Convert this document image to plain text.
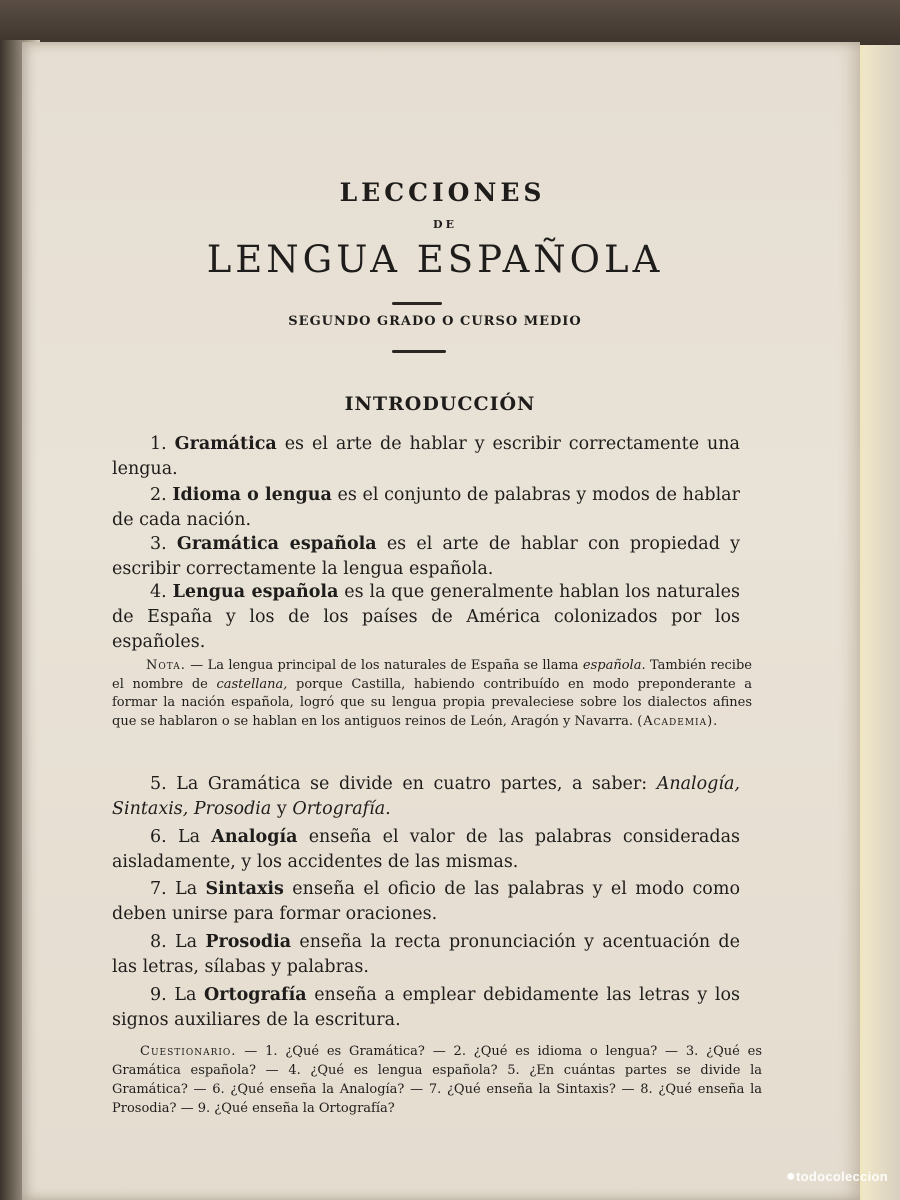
LECCIONES
DE
LENGUA ESPAÑOLA
SEGUNDO GRADO O CURSO MEDIO
INTRODUCCIÓN
1. Gramática es el arte de hablar y escribir correctamente una lengua.
2. Idioma o lengua es el conjunto de palabras y modos de hablar de cada nación.
3. Gramática española es el arte de hablar con propiedad y escribir correctamente la lengua española.
4. Lengua española es la que generalmente hablan los naturales de España y los de los países de América colonizados por los españoles.
Nota. — La lengua principal de los naturales de España se llama española. También recibe el nombre de castellana, porque Castilla, habiendo contribuído en modo preponderante a formar la nación española, logró que su lengua propia prevaleciese sobre los dialectos afines que se hablaron o se hablan en los antiguos reinos de León, Aragón y Navarra. (Academia).
5. La Gramática se divide en cuatro partes, a saber: Analogía, Sintaxis, Prosodia y Ortografía.
6. La Analogía enseña el valor de las palabras consideradas aisladamente, y los accidentes de las mismas.
7. La Sintaxis enseña el oficio de las palabras y el modo como deben unirse para formar oraciones.
8. La Prosodia enseña la recta pronunciación y acentuación de las letras, sílabas y palabras.
9. La Ortografía enseña a emplear debidamente las letras y los signos auxiliares de la escritura.
Cuestionario. — 1. ¿Qué es Gramática? — 2. ¿Qué es idioma o lengua? — 3. ¿Qué es Gramática española? — 4. ¿Qué es lengua española? 5. ¿En cuántas partes se divide la Gramática? — 6. ¿Qué enseña la Analogía? — 7. ¿Qué enseña la Sintaxis? — 8. ¿Qué enseña la Prosodia? — 9. ¿Qué enseña la Ortografía?
●todocoleccion
